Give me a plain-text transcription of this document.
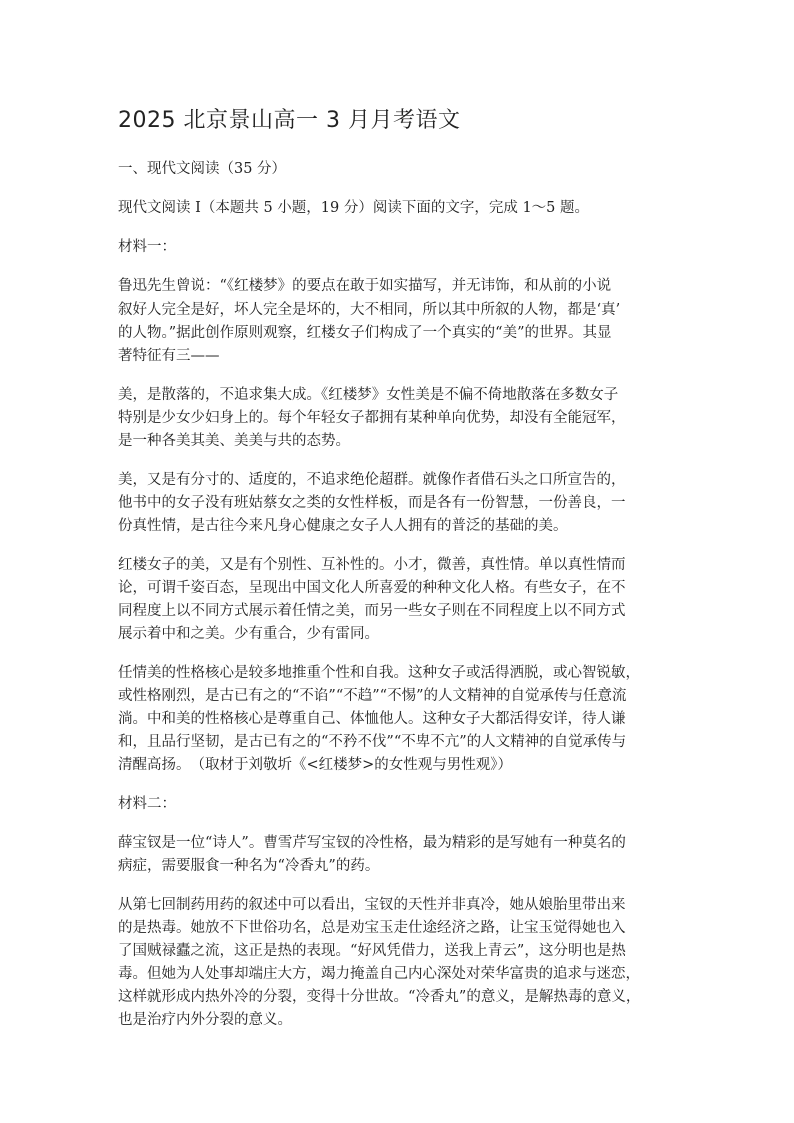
2025 北京景山高一 3 月月考语文
一、现代文阅读（35 分）
现代文阅读 I（本题共 5 小题，19 分）阅读下面的文字，完成 1～5 题。
材料一：
鲁迅先生曾说：“《红楼梦》的要点在敢于如实描写，并无讳饰，和从前的小说
叙好人完全是好，坏人完全是坏的，大不相同，所以其中所叙的人物，都是‘真’
的人物。”据此创作原则观察，红楼女子们构成了一个真实的“美”的世界。其显
著特征有三——
美，是散落的，不追求集大成。《红楼梦》女性美是不偏不倚地散落在多数女子
特别是少女少妇身上的。每个年轻女子都拥有某种单向优势，却没有全能冠军，
是一种各美其美、美美与共的态势。
美，又是有分寸的、适度的，不追求绝伦超群。就像作者借石头之口所宣告的，
他书中的女子没有班姑蔡女之类的女性样板，而是各有一份智慧，一份善良，一
份真性情，是古往今来凡身心健康之女子人人拥有的普泛的基础的美。
红楼女子的美，又是有个别性、互补性的。小才，微善，真性情。单以真性情而
论，可谓千姿百态，呈现出中国文化人所喜爱的种种文化人格。有些女子，在不
同程度上以不同方式展示着任情之美，而另一些女子则在不同程度上以不同方式
展示着中和之美。少有重合，少有雷同。
任情美的性格核心是较多地推重个性和自我。这种女子或活得洒脱，或心智锐敏，
或性格刚烈，是古已有之的“不谄”“不趋”“不惕”的人文精神的自觉承传与任意流
淌。中和美的性格核心是尊重自己、体恤他人。这种女子大都活得安详，待人谦
和，且品行坚韧，是古已有之的“不矜不伐”“不卑不亢”的人文精神的自觉承传与
清醒高扬。　（取材于刘敬圻《<红楼梦>的女性观与男性观》）
材料二：
薛宝钗是一位“诗人”。曹雪芹写宝钗的冷性格，最为精彩的是写她有一种莫名的
病症，需要服食一种名为“冷香丸”的药。
从第七回制药用药的叙述中可以看出，宝钗的天性并非真冷，她从娘胎里带出来
的是热毒。她放不下世俗功名，总是劝宝玉走仕途经济之路，让宝玉觉得她也入
了国贼禄蠹之流，这正是热的表现。“好风凭借力，送我上青云”，这分明也是热
毒。但她为人处事却端庄大方，竭力掩盖自己内心深处对荣华富贵的追求与迷恋，
这样就形成内热外冷的分裂，变得十分世故。“冷香丸”的意义，是解热毒的意义，
也是治疗内外分裂的意义。
